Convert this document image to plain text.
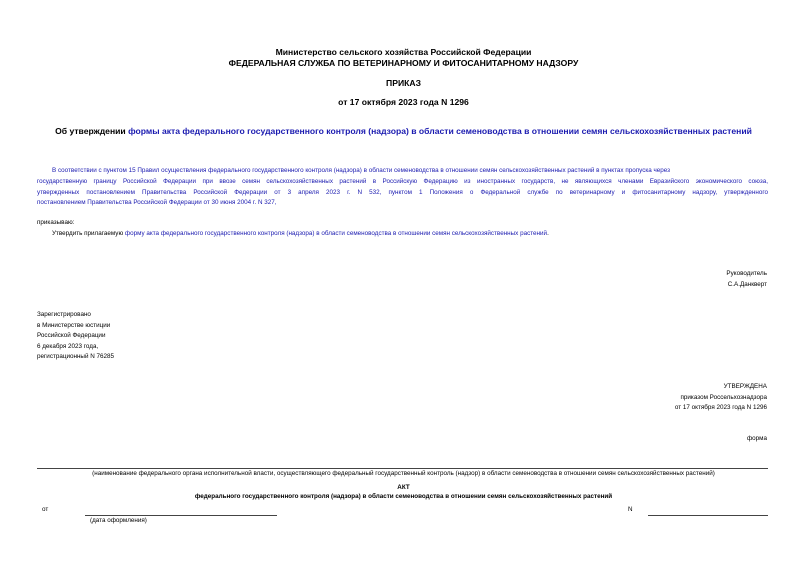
Министерство сельского хозяйства Российской Федерации
ФЕДЕРАЛЬНАЯ СЛУЖБА ПО ВЕТЕРИНАРНОМУ И ФИТОСАНИТАРНОМУ НАДЗОРУ
ПРИКАЗ
от 17 октября 2023 года N 1296
Об утверждении формы акта федерального государственного контроля (надзора) в области семеноводства в отношении семян сельскохозяйственных растений
В соответствии с пунктом 15 Правил осуществления федерального государственного контроля (надзора) в области семеноводства в отношении семян сельскохозяйственных растений в пунктах пропуска через
государственную границу Российской Федерации при ввозе семян сельскохозяйственных растений в Российскую Федерацию из иностранных государств, не являющихся членами Евразийского экономического союза,
утвержденных постановлением Правительства Российской Федерации от 3 апреля 2023 г. N 532, пунктом 1 Положения о Федеральной службе по ветеринарному и фитосанитарному надзору, утвержденного
постановлением Правительства Российской Федерации от 30 июня 2004 г. N 327,
приказываю:
Утвердить прилагаемую форму акта федерального государственного контроля (надзора) в области семеноводства в отношении семян сельскохозяйственных растений.
Руководитель
С.А.Данкверт
Зарегистрировано
в Министерстве юстиции
Российской Федерации
6 декабря 2023 года,
регистрационный N 76285
УТВЕРЖДЕНА
приказом Россельхознадзора
от 17 октября 2023 года N 1296
форма
(наименование федерального органа исполнительной власти, осуществляющего федеральный государственный контроль (надзор) в области семеноводства в отношении семян сельскохозяйственных растений)
АКТ
федерального государственного контроля (надзора) в области семеноводства в отношении семян сельскохозяйственных растений
от	N
(дата оформления)
